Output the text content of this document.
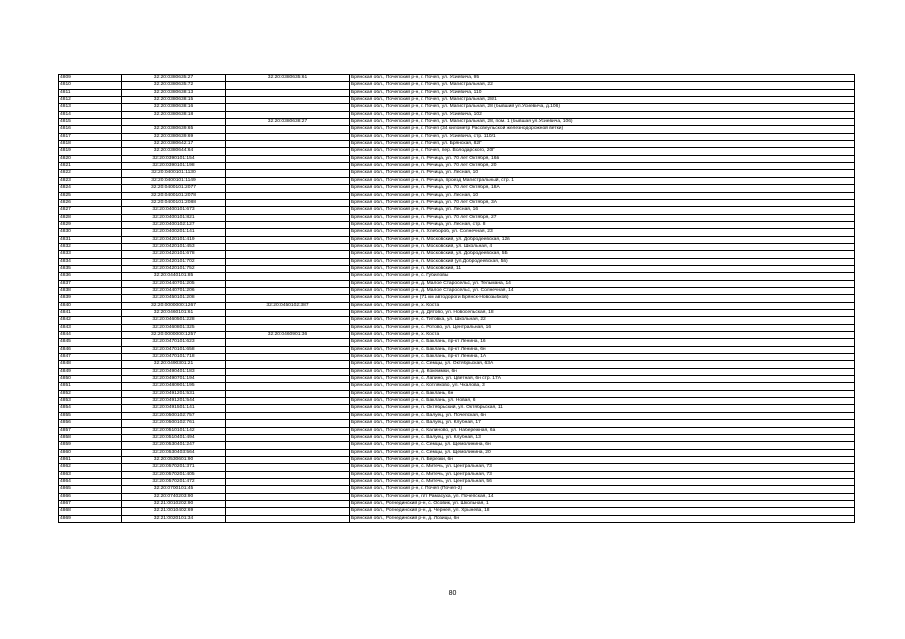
4809	32:20:0380635:27	32:20:0380635:61	Брянская обл., Почепский р-н, г. Почеп, ул. Усиевича, 95
4810	32:20:0380635:72		Брянская обл., Почепский р-н, г. Почеп, ул. Магистральная, 22
4811	32:20:0380638:13		Брянская обл., Почепский р-н, г. Почеп, ул. Усиевича, 110
4812	32:20:0380638:15		Брянская обл., Почепский р-н, г. Почеп, ул. Магистральная, 28/1
4813	32:20:0380638:16		Брянская обл., Почепский р-н, г. Почеп, ул. Магистральная, 28 (бывший ул.Усиевича, д.106)
4814	32:20:0380638:18		Брянская обл., Почепский р-н, г. Почеп, ул. Усиевича, 102
4815		32:20:0380638:27	Брянская обл., Почепский р-н, г. Почеп, ул. Магистральная, 28, пом. 1 (бывшая ул.Усиевича, 106)
4816	32:20:0380639:65		Брянская обл., Почепский р-н, г. Почеп (34 километр Рассвеульской железнодорожной ветки)
4817	32:20:0380639:69		Брянская обл., Почепский р-н, г. Почеп, ул. Усиевича, стр. 110/1
4818	32:20:0380642:17		Брянская обл., Почепский р-н, г. Почеп, ул. Брянская, 82Г
4819	32:20:0380644:64		Брянская обл., Почепский р-н, г. Почеп, пер. Володарского, 20Г
4820	32:20:0390101:154		Брянская обл., Почепский р-н, п. Речица, ул. 70 лет Октября, 16в
4821	32:20:0390101:198		Брянская обл., Почепский р-н, п. Речица, ул. 70 лет Октября, 20
4822	32:20:0400101:1130		Брянская обл., Почепский р-н, п. Речица, ул. Лесная, 10
4823	32:20:0400101:1149		Брянская обл., Почепский р-н, п. Речица, проезд Магистральный, стр. 1
4824	32:20:0400101:2077		Брянская обл., Почепский р-н, п. Речица, ул. 70 лет Октября, 18А
4825	32:20:0400101:2078		Брянская обл., Почепский р-н, п. Речица, ул. Лесная, 10
4826	32:20:0400101:2088		Брянская обл., Почепский р-н, п. Речица, ул. 70 лет Октября, 3А
4827	32:20:0400101:673		Брянская обл., Почепский р-н, п. Речица, ул. Лесная, 16
4828	32:20:0400101:821		Брянская обл., Почепский р-н, п. Речица, ул. 70 лет Октября, 27
4829	32:20:0400102:127		Брянская обл., Почепский р-н, п. Речица, ул. Лесная, стр. 8
4830	32:20:0400201:141		Брянская обл., Почепский р-н, п. Хлебороб, ул. Солнечная, 23
4831	32:20:0420101:419		Брянская обл., Почепский р-н, п. Московский, ул. Добродеевская, 12в
4832	32:20:0420101:453		Брянская обл., Почепский р-н, п. Московский, ул. Школьная, 4
4833	32:20:0420101:678		Брянская обл., Почепский р-н, п. Московский, ул. Добродеевская, 5Б
4834	32:20:0420101:702		Брянская обл., Почепский р-н, п. Московский (ул.Добродеевская, 5в)
4835	32:20:0420101:752		Брянская обл., Почепский р-н, п. Московский, 11
4836	32:20:0440101:85		Брянская обл., Почепский р-н, с. Губиловы
4837	32:20:0440701:205		Брянская обл., Почепский р-н, д. Малое Старосельс, ул. Тельмана, 14
4838	32:20:0440701:206		Брянская обл., Почепский р-н, д. Малое Старосельс, ул. Солнечная, 14
4839	32:20:0450101:208		Брянская обл., Почепский р-н (71 км автодороги Брянск-Новозыбков)
4840	32:20:0000000:1267	32:20:0450102:387	Брянская обл., Почепский р-н, х. Коста
4841	32:20:0460101:61		Брянская обл., Почепский р-н, д. Дятово, ул. Новосельская, 18
4842	32:20:0460501:228		Брянская обл., Почепский р-н, с. Титовка, ул. Школьная, 22
4843	32:20:0460801:325		Брянская обл., Почепский р-н, с. Ротово, ул. Центральная, 16
4844	32:20:0000000:1257	32:20:0460901:36	Брянская обл., Почепский р-н, х. Коста
4845	32:20:0470101:623		Брянская обл., Почепский р-н, с. Баклань, пр-кт Ленина, 16
4846	32:20:0470101:658		Брянская обл., Почепский р-н, с. Баклань, пр-кт Ленина, 6н
4847	32:20:0470101:718		Брянская обл., Почепский р-н, с. Баклань, пр-кт Ленина, 1А
4848	32:20:0490301:21		Брянская обл., Почепский р-н, с. Семцы, ул. Октябрьская, 63А
4849	32:20:0490401:183		Брянская обл., Почепский р-н, д. Кокеммки, 6н
4850	32:20:0490701:194		Брянская обл., Почепский р-н, с. Лапино, ул. Цветная, 6н стр. 17А
4851	32:20:0480901:195		Брянская обл., Почепский р-н, с. Котляково, ул. Чкалова, 3
4852	32:20:0491201:531		Брянская обл., Почепский р-н, с. Баклань, 6н
4853	32:20:0491201:544		Брянская обл., Почепский р-н, с. Баклань, ул. Новая, 6
4854	32:20:0491501:141		Брянская обл., Почепский р-н, п. Октябрьский, ул. Октябрьская, 11
4855	32:20:0500102:757		Брянская обл., Почепский р-н, с. Валуец, ул. Почепская, 6н
4856	32:20:0500102:761		Брянская обл., Почепский р-н, с. Валуец, ул. Клубная, 17
4857	32:20:0510101:142		Брянская обл., Почепский р-н, с. Калиново, ул. Набережная, 6а
4858	32:20:0510401:494		Брянская обл., Почепский р-н, с. Валуец, ул. Клубная, 13
4859	32:20:0530401:247		Брянская обл., Почепский р-н, с. Семцы, ул. Щемолинина, 6н
4860	32:20:0530403:564		Брянская обл., Почепский р-н, с. Семцы, ул. Щемолинина, 20
4861	32:20:0530601:90		Брянская обл., Почепский р-н, п. Березки, 6н
4862	32:20:0570201:371		Брянская обл., Почепский р-н, с. Митечь, ул. Центральная, 73
4863	32:20:0570201:405		Брянская обл., Почепский р-н, с. Митечь, ул. Центральная, 73
4864	32:20:0570201:472		Брянская обл., Почепский р-н, с. Митечь, ул. Центральная, 56
4865	32:20:0700101:45		Брянская обл., Почепский р-н, г. Почеп (Почеп-2)
4866	32:20:0740203:90		Брянская обл., Почепский р-н, п/т Рамасуха, ул. Почепская, 14
4867	32:21:0010202:90		Брянская обл., Рогнединский р-н, с. Осовик, ул. Школьная, 1
4868	32:21:0010402:69		Брянская обл., Рогнединский р-н, д. Чернея, ул. Хрынева, 18
4869	32:21:0020101:34		Брянская обл., Рогнединский р-н, д. Лозицы, 6н
80
